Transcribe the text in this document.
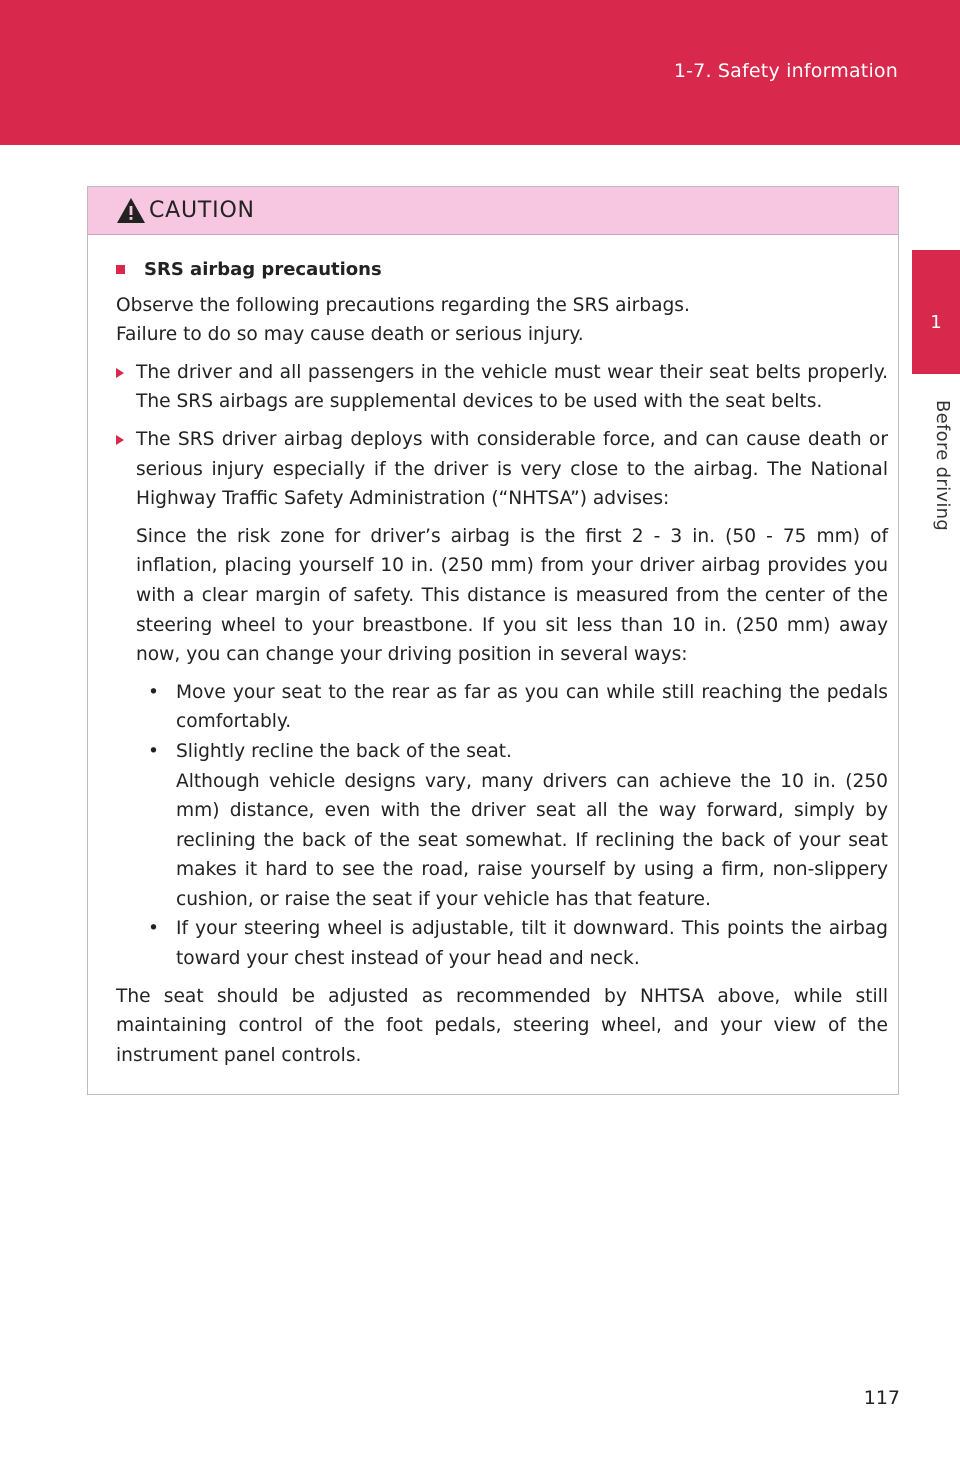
1-7. Safety information
1
Before driving
CAUTION
SRS airbag precautions
Observe the following precautions regarding the SRS airbags.
Failure to do so may cause death or serious injury.
The driver and all passengers in the vehicle must wear their seat belts properly. The SRS airbags are supplemental devices to be used with the seat belts.
The SRS driver airbag deploys with considerable force, and can cause death or serious injury especially if the driver is very close to the airbag. The National Highway Traffic Safety Administration (“NHTSA”) advises:
Since the risk zone for driver’s airbag is the first 2 - 3 in. (50 - 75 mm) of inflation, placing yourself 10 in. (250 mm) from your driver airbag provides you with a clear margin of safety. This distance is measured from the center of the steering wheel to your breastbone. If you sit less than 10 in. (250 mm) away now, you can change your driving position in several ways:
• Move your seat to the rear as far as you can while still reaching the pedals comfortably.
• Slightly recline the back of the seat.
Although vehicle designs vary, many drivers can achieve the 10 in. (250 mm) distance, even with the driver seat all the way forward, simply by reclining the back of the seat somewhat. If reclining the back of your seat makes it hard to see the road, raise yourself by using a firm, non-slippery cushion, or raise the seat if your vehicle has that feature.
• If your steering wheel is adjustable, tilt it downward. This points the airbag toward your chest instead of your head and neck.
The seat should be adjusted as recommended by NHTSA above, while still maintaining control of the foot pedals, steering wheel, and your view of the instrument panel controls.
117
